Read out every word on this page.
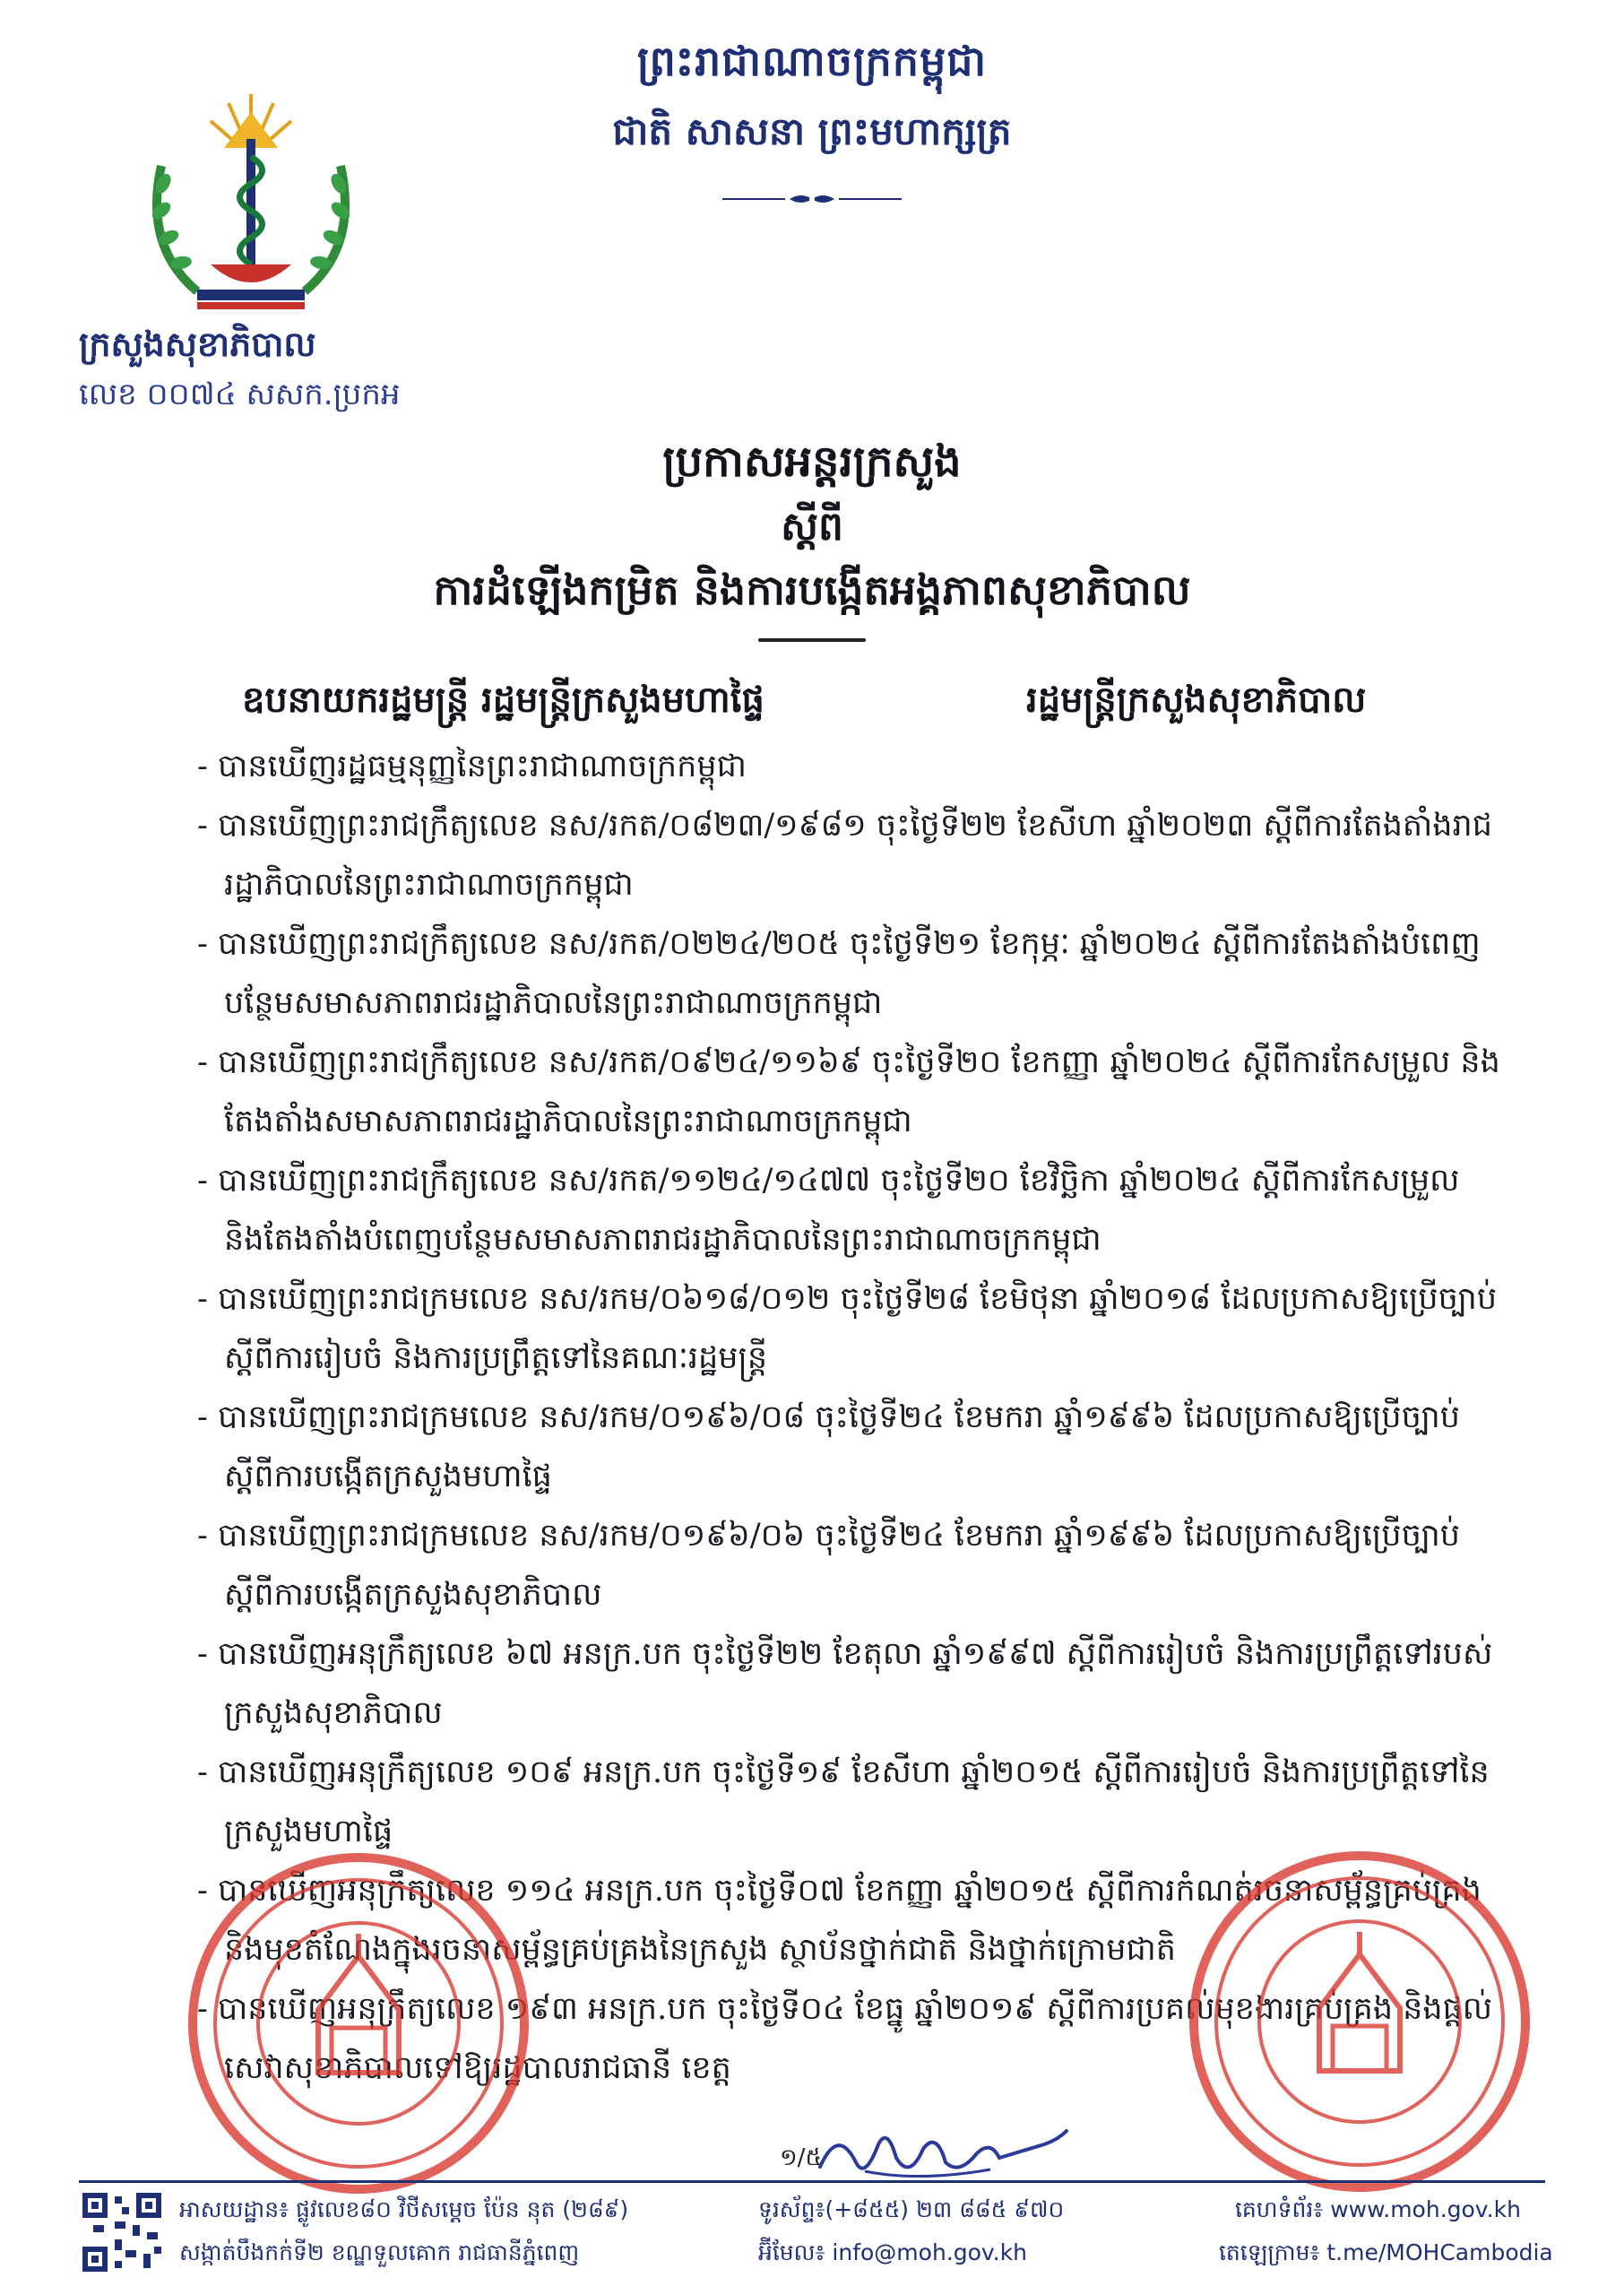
ព្រះរាជាណាចក្រកម្ពុជា
ជាតិ សាសនា ព្រះមហាក្សត្រ
ក្រសួងសុខាភិបាល
លេខ ០០៧៤ សសក.ប្រកអ
ប្រកាសអន្តរក្រសួង
ស្តីពី
ការដំឡើងកម្រិត និងការបង្កើតអង្គភាពសុខាភិបាល
ឧបនាយករដ្ឋមន្ត្រី រដ្ឋមន្ត្រីក្រសួងមហាផ្ទៃ	រដ្ឋមន្ត្រីក្រសួងសុខាភិបាល
- បានឃើញរដ្ឋធម្មនុញ្ញនៃព្រះរាជាណាចក្រកម្ពុជា
- បានឃើញព្រះរាជក្រឹត្យលេខ នស/រកត/០៨២៣/១៩៨១ ចុះថ្ងៃទី២២ ខែសីហា ឆ្នាំ២០២៣ ស្តីពីការតែងតាំងរាជរដ្ឋាភិបាលនៃព្រះរាជាណាចក្រកម្ពុជា
- បានឃើញព្រះរាជក្រឹត្យលេខ នស/រកត/០២២៤/២០៥ ចុះថ្ងៃទី២១ ខែកុម្ភៈ ឆ្នាំ២០២៤ ស្តីពីការតែងតាំងបំពេញបន្ថែមសមាសភាពរាជរដ្ឋាភិបាលនៃព្រះរាជាណាចក្រកម្ពុជា
- បានឃើញព្រះរាជក្រឹត្យលេខ នស/រកត/០៩២៤/១១៦៩ ចុះថ្ងៃទី២០ ខែកញ្ញា ឆ្នាំ២០២៤ ស្តីពីការកែសម្រួល និងតែងតាំងសមាសភាពរាជរដ្ឋាភិបាលនៃព្រះរាជាណាចក្រកម្ពុជា
- បានឃើញព្រះរាជក្រឹត្យលេខ នស/រកត/១១២៤/១៤៧៧ ចុះថ្ងៃទី២០ ខែវិច្ឆិកា ឆ្នាំ២០២៤ ស្តីពីការកែសម្រួល និងតែងតាំងបំពេញបន្ថែមសមាសភាពរាជរដ្ឋាភិបាលនៃព្រះរាជាណាចក្រកម្ពុជា
- បានឃើញព្រះរាជក្រមលេខ នស/រកម/០៦១៨/០១២ ចុះថ្ងៃទី២៨ ខែមិថុនា ឆ្នាំ២០១៨ ដែលប្រកាសឱ្យប្រើច្បាប់ស្តីពីការរៀបចំ និងការប្រព្រឹត្តទៅនៃគណៈរដ្ឋមន្ត្រី
- បានឃើញព្រះរាជក្រមលេខ នស/រកម/០១៩៦/០៨ ចុះថ្ងៃទី២៤ ខែមករា ឆ្នាំ១៩៩៦ ដែលប្រកាសឱ្យប្រើច្បាប់ស្តីពីការបង្កើតក្រសួងមហាផ្ទៃ
- បានឃើញព្រះរាជក្រមលេខ នស/រកម/០១៩៦/០៦ ចុះថ្ងៃទី២៤ ខែមករា ឆ្នាំ១៩៩៦ ដែលប្រកាសឱ្យប្រើច្បាប់ស្តីពីការបង្កើតក្រសួងសុខាភិបាល
- បានឃើញអនុក្រឹត្យលេខ ៦៧ អនក្រ.បក ចុះថ្ងៃទី២២ ខែតុលា ឆ្នាំ១៩៩៧ ស្តីពីការរៀបចំ និងការប្រព្រឹត្តទៅរបស់ក្រសួងសុខាភិបាល
- បានឃើញអនុក្រឹត្យលេខ ១០៩ អនក្រ.បក ចុះថ្ងៃទី១៩ ខែសីហា ឆ្នាំ២០១៥ ស្តីពីការរៀបចំ និងការប្រព្រឹត្តទៅនៃក្រសួងមហាផ្ទៃ
- បានឃើញអនុក្រឹត្យលេខ ១១៤ អនក្រ.បក ចុះថ្ងៃទី០៧ ខែកញ្ញា ឆ្នាំ២០១៥ ស្តីពីការកំណត់រចនាសម្ព័ន្ធគ្រប់គ្រង និងមុខតំណែងក្នុងរចនាសម្ព័ន្ធគ្រប់គ្រងនៃក្រសួង ស្ថាប័នថ្នាក់ជាតិ និងថ្នាក់ក្រោមជាតិ
- បានឃើញអនុក្រឹត្យលេខ ១៩៣ អនក្រ.បក ចុះថ្ងៃទី០៤ ខែធ្នូ ឆ្នាំ២០១៩ ស្តីពីការប្រគល់មុខងារគ្រប់គ្រង និងផ្តល់សេវាសុខាភិបាលទៅឱ្យរដ្ឋបាលរាជធានី ខេត្ត
១/៥
អាសយដ្ឋាន៖ ផ្លូវលេខ៨០ វិថីសម្តេច ប៉ែន នុត (២៨៩)
សង្កាត់បឹងកក់ទី២ ខណ្ឌទួលគោក រាជធានីភ្នំពេញ
ទូរស័ព្ទ៖(+៨៥៥) ២៣ ៨៨៥ ៩៧០
អ៊ីមែល៖ info@moh.gov.kh
គេហទំព័រ៖ www.moh.gov.kh
តេឡេក្រាម៖ t.me/MOHCambodia
